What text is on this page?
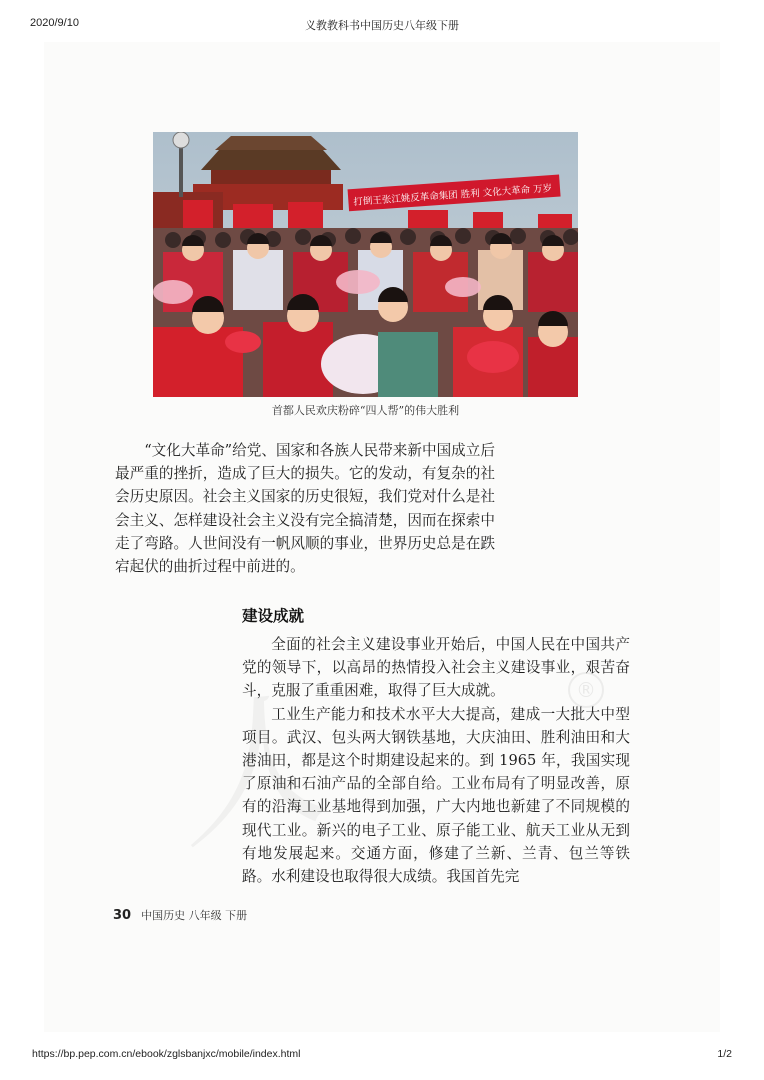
2020/9/10	义教教科书中国历史八年级下册
®
打倒王张江姚反革命集团 胜利 文化大革命 万岁
首都人民欢庆粉碎“四人帮”的伟大胜利

“文化大革命”给党、国家和各族人民带来新中国成立后最严重的挫折，造成了巨大的损失。它的发动，有复杂的社会历史原因。社会主义国家的历史很短，我们党对什么是社会主义、怎样建设社会主义没有完全搞清楚，因而在探索中走了弯路。人世间没有一帆风顺的事业，世界历史总是在跌宕起伏的曲折过程中前进的。

建设成就

全面的社会主义建设事业开始后，中国人民在中国共产党的领导下，以高昂的热情投入社会主义建设事业，艰苦奋斗，克服了重重困难，取得了巨大成就。

工业生产能力和技术水平大大提高，建成一大批大中型项目。武汉、包头两大钢铁基地，大庆油田、胜利油田和大港油田，都是这个时期建设起来的。到 1965 年，我国实现了原油和石油产品的全部自给。工业布局有了明显改善，原有的沿海工业基地得到加强，广大内地也新建了不同规模的现代工业。新兴的电子工业、原子能工业、航天工业从无到有地发展起来。交通方面，修建了兰新、兰青、包兰等铁路。水利建设也取得很大成绩。我国首先完

30 中国历史 八年级 下册
https://bp.pep.com.cn/ebook/zglsbanjxc/mobile/index.html	1/2
